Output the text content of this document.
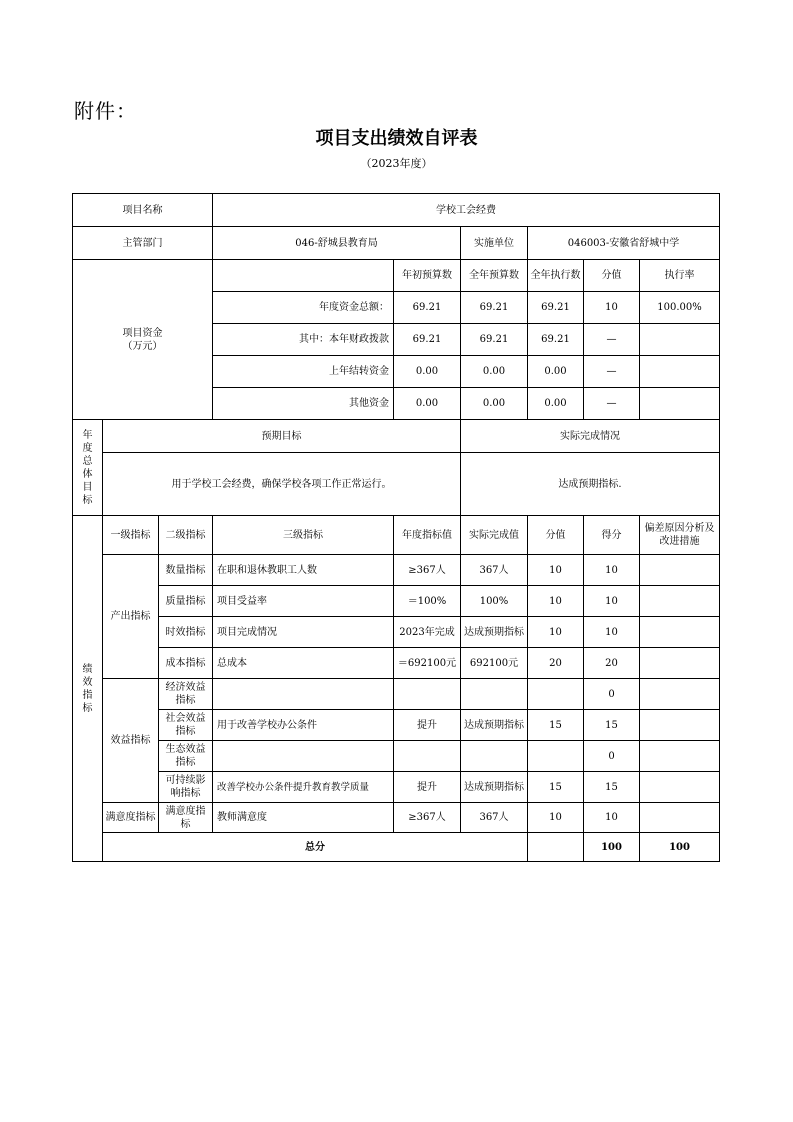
附件：
项目支出绩效自评表
（2023年度）
项目名称			学校工会经费						
主管部门			046-舒城县教育局		实施单位	046003-安徽省舒城中学			
项目资金
（万元）				年初预算数	全年预算数	全年执行数	分值	执行率	
			年度资金总额：	69.21	69.21	69.21	10	100.00%	
			其中：本年财政拨款	69.21	69.21	69.21	—		
			上年结转资金	0.00	0.00	0.00	—		
			其他资金	0.00	0.00	0.00	—		
年度总体目标	预期目标				实际完成情况				
	用于学校工会经费，确保学校各项工作正常运行。				达成预期指标.				
绩效指标	一级指标	二级指标	三级指标	年度指标值	实际完成值	分值	得分	偏差原因分析及改进措施	
	产出指标	数量指标	在职和退休教职工人数	≥367人	367人	10	10		
		质量指标	项目受益率	＝100%	100%	10	10		
		时效指标	项目完成情况	2023年完成	达成预期指标	10	10		
		成本指标	总成本	＝692100元	692100元	20	20		
	效益指标	经济效益指标					0		
		社会效益指标	用于改善学校办公条件	提升	达成预期指标	15	15		
		生态效益指标					0		
		可持续影响指标	改善学校办公条件提升教育教学质量	提升	达成预期指标	15	15		
	满意度指标	满意度指标	教师满意度	≥367人	367人	10	10		
	总分						100	100	
